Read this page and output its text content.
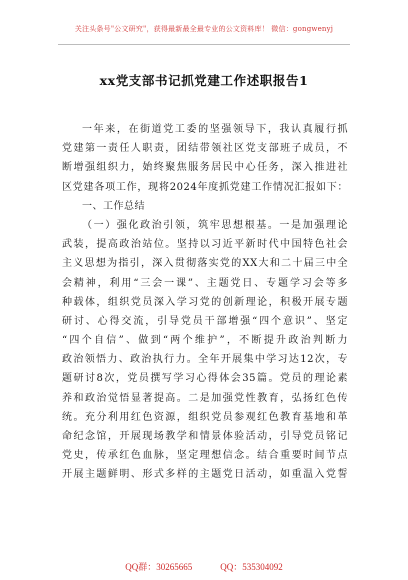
关注头条号"公文研究"，获得最新最全最专业的公文资料库！ 微信：gongwenyj
xx党支部书记抓党建工作述职报告1
一年来，在街道党工委的坚强领导下，我认真履行抓
党建第一责任人职责，团结带领社区党支部班子成员，不
断增强组织力，始终聚焦服务居民中心任务，深入推进社
区党建各项工作，现将2024年度抓党建工作情况汇报如下：
一、工作总结
（一）强化政治引领，筑牢思想根基。一是加强理论
武装，提高政治站位。坚持以习近平新时代中国特色社会
主义思想为指引，深入贯彻落实党的XX大和二十届三中全
会精神，利用“三会一课”、主题党日、专题学习会等多
种载体，组织党员深入学习党的创新理论，积极开展专题
研讨、心得交流，引导党员干部增强“四个意识”、坚定
“四个自信”、做到“两个维护”，不断提升政治判断力
政治领悟力、政治执行力。全年开展集中学习达12次，专
题研讨8次，党员撰写学习心得体会35篇。党员的理论素
养和政治觉悟显著提高。二是加强党性教育，弘扬红色传
统。充分利用红色资源，组织党员参观红色教育基地和革
命纪念馆，开展现场教学和情景体验活动，引导党员铭记
党史，传承红色血脉，坚定理想信念。结合重要时间节点
开展主题鲜明、形式多样的主题党日活动，如重温入党誓
QQ群：30265665	QQ：535304092
